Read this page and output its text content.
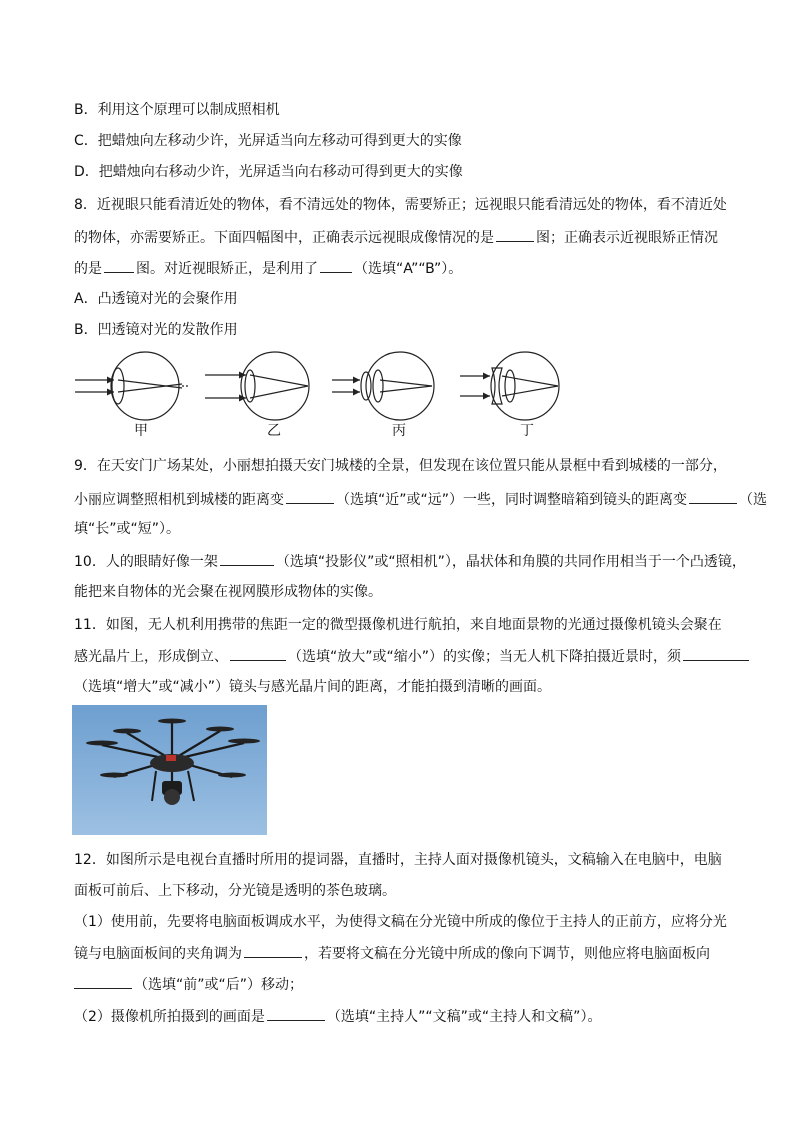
B．利用这个原理可以制成照相机
C．把蜡烛向左移动少许，光屏适当向左移动可得到更大的实像
D．把蜡烛向右移动少许，光屏适当向右移动可得到更大的实像
8．近视眼只能看清近处的物体，看不清远处的物体，需要矫正；远视眼只能看清远处的物体，看不清近处
的物体，亦需要矫正。下面四幅图中，正确表示远视眼成像情况的是	图；正确表示近视眼矫正情况
的是 图。对近视眼矫正，是利用了	（选填“A”“B”）。
A．凸透镜对光的会聚作用
B．凹透镜对光的发散作用
甲	乙	丙	丁
9．在天安门广场某处，小丽想拍摄天安门城楼的全景，但发现在该位置只能从景框中看到城楼的一部分，
小丽应调整照相机到城楼的距离变	（选填“近”或“远”）一些，同时调整暗箱到镜头的距离变	（选
填“长”或“短”）。
10．人的眼睛好像一架	（选填“投影仪”或“照相机”），晶状体和角膜的共同作用相当于一个凸透镜，
能把来自物体的光会聚在视网膜形成物体的实像。
11．如图，无人机利用携带的焦距一定的微型摄像机进行航拍，来自地面景物的光通过摄像机镜头会聚在
感光晶片上，形成倒立、	（选填“放大”或“缩小”）的实像；当无人机下降拍摄近景时，须
（选填“增大”或“减小”）镜头与感光晶片间的距离，才能拍摄到清晰的画面。
12．如图所示是电视台直播时所用的提词器，直播时，主持人面对摄像机镜头，文稿输入在电脑中，电脑
面板可前后、上下移动，分光镜是透明的茶色玻璃。
（1）使用前，先要将电脑面板调成水平，为使得文稿在分光镜中所成的像位于主持人的正前方，应将分光
镜与电脑面板间的夹角调为	，若要将文稿在分光镜中所成的像向下调节，则他应将电脑面板向
（选填“前”或“后”）移动；
（2）摄像机所拍摄到的画面是	（选填“主持人”“文稿”或“主持人和文稿”）。
